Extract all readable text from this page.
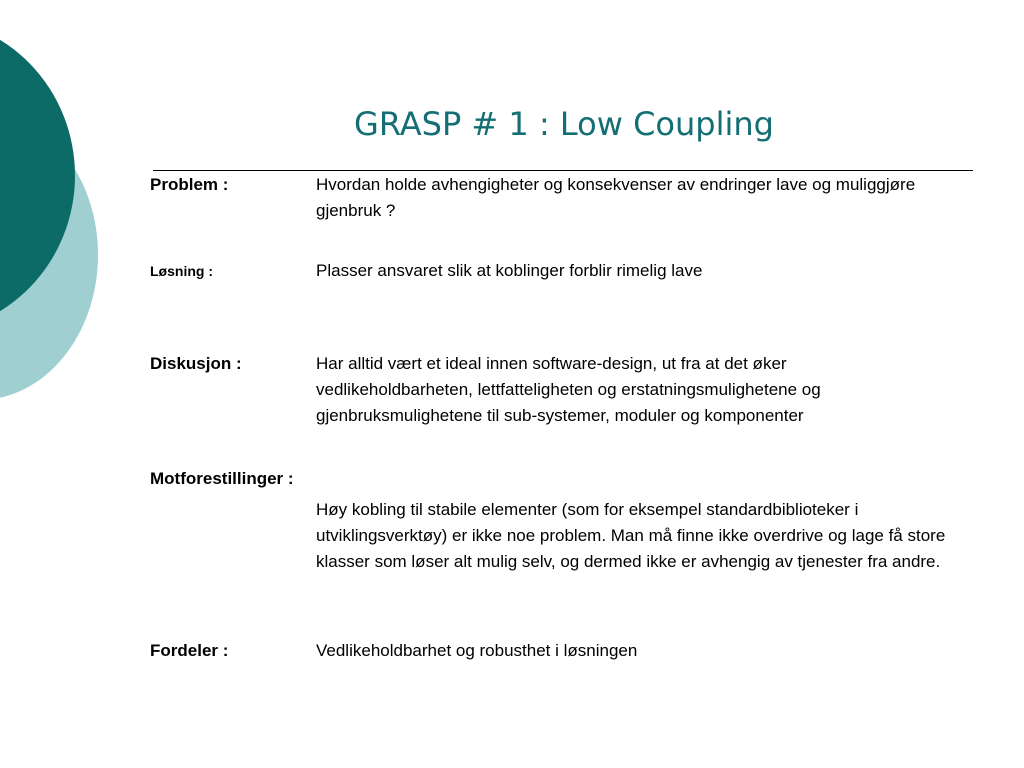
GRASP # 1 : Low Coupling
Problem :	Hvordan holde avhengigheter og konsekvenser av endringer lave og muliggjøre gjenbruk ?
Løsning :	Plasser ansvaret slik at koblinger forblir rimelig lave
Diskusjon :	Har alltid vært et ideal innen software-design, ut fra at det øker vedlikeholdbarheten, lettfatteligheten og erstatningsmulighetene og gjenbruksmulighetene til sub-systemer, moduler og komponenter
Motforestillinger :
Høy kobling til stabile elementer (som for eksempel standardbiblioteker i utviklingsverktøy) er ikke noe problem. Man må finne ikke overdrive og lage få store klasser som løser alt mulig selv, og dermed ikke er avhengig av tjenester fra andre.
Fordeler :	Vedlikeholdbarhet og robusthet i løsningen
